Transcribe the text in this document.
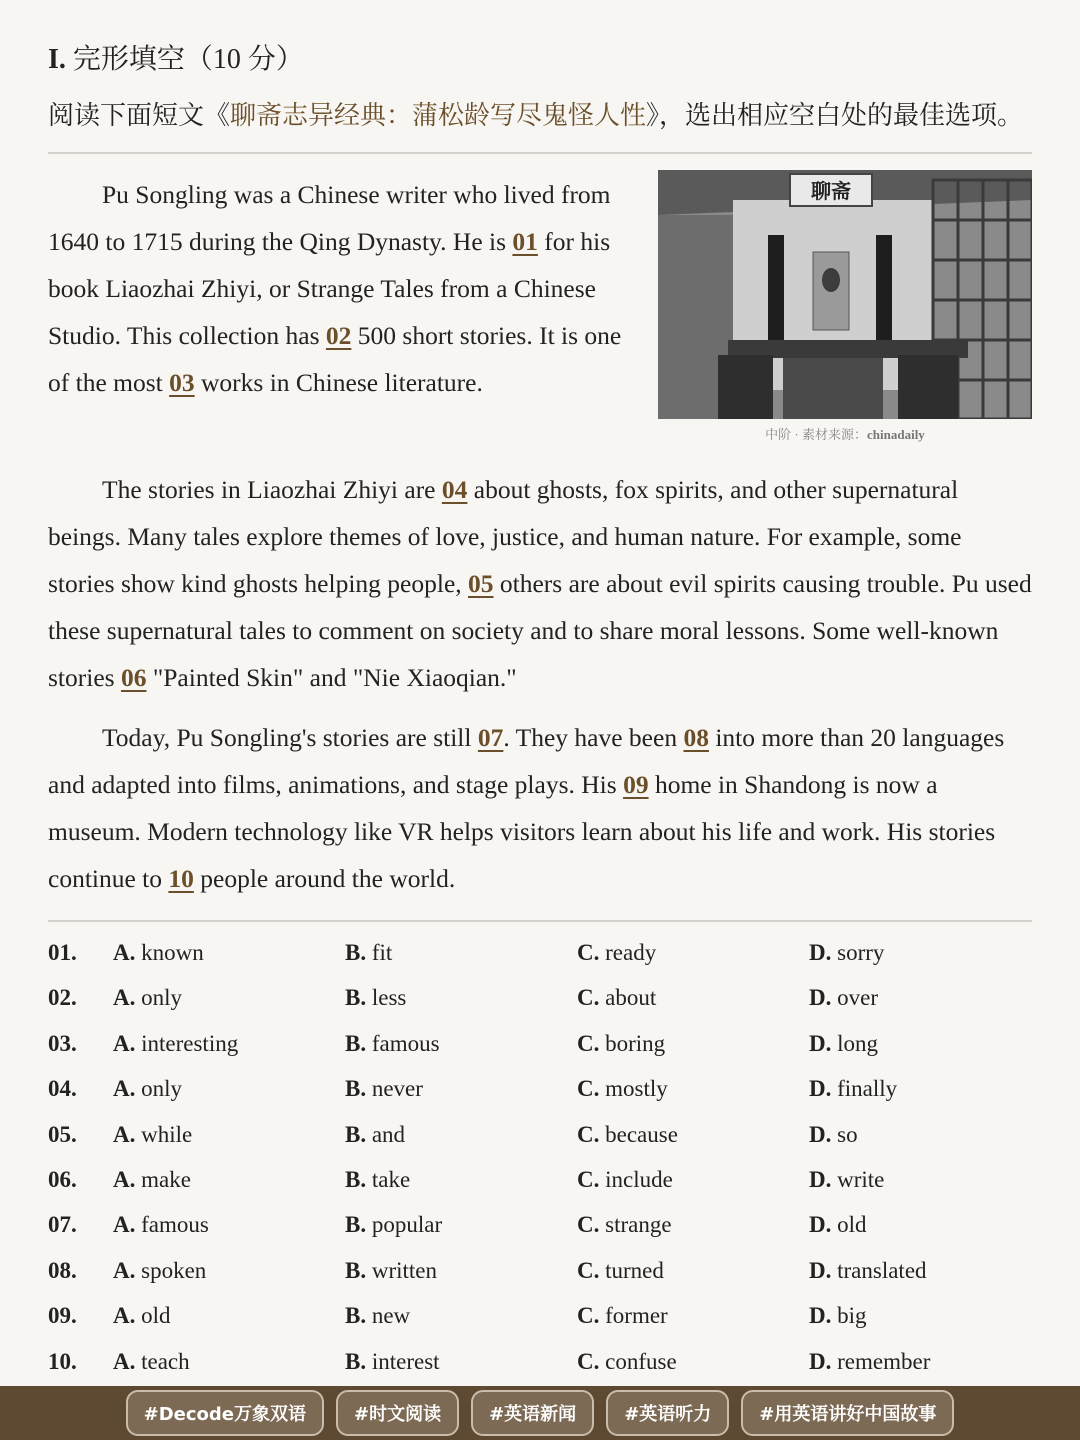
I. 完形填空（10 分）
阅读下面短文《聊斋志异经典：蒲松龄写尽鬼怪人性》，选出相应空白处的最佳选项。
Pu Songling was a Chinese writer who lived from 1640 to 1715 during the Qing Dynasty. He is 01 for his book Liaozhai Zhiyi, or Strange Tales from a Chinese Studio. This collection has 02 500 short stories. It is one of the most 03 works in Chinese literature.
聊斋
中阶 · 素材来源：chinadaily
The stories in Liaozhai Zhiyi are 04 about ghosts, fox spirits, and other supernatural beings. Many tales explore themes of love, justice, and human nature. For example, some stories show kind ghosts helping people, 05 others are about evil spirits causing trouble. Pu used these supernatural tales to comment on society and to share moral lessons. Some well-known stories 06 "Painted Skin" and "Nie Xiaoqian."
Today, Pu Songling's stories are still 07. They have been 08 into more than 20 languages and adapted into films, animations, and stage plays. His 09 home in Shandong is now a museum. Modern technology like VR helps visitors learn about his life and work. His stories continue to 10 people around the world.
01. A. known	B. fit	C. ready	D. sorry
02. A. only	B. less	C. about	D. over
03. A. interesting	B. famous	C. boring	D. long
04. A. only	B. never	C. mostly	D. finally
05. A. while	B. and	C. because	D. so
06. A. make	B. take	C. include	D. write
07. A. famous	B. popular	C. strange	D. old
08. A. spoken	B. written	C. turned	D. translated
09. A. old	B. new	C. former	D. big
10. A. teach	B. interest	C. confuse	D. remember
#Decode万象双语	#时文阅读	#英语新闻	#英语听力	#用英语讲好中国故事
